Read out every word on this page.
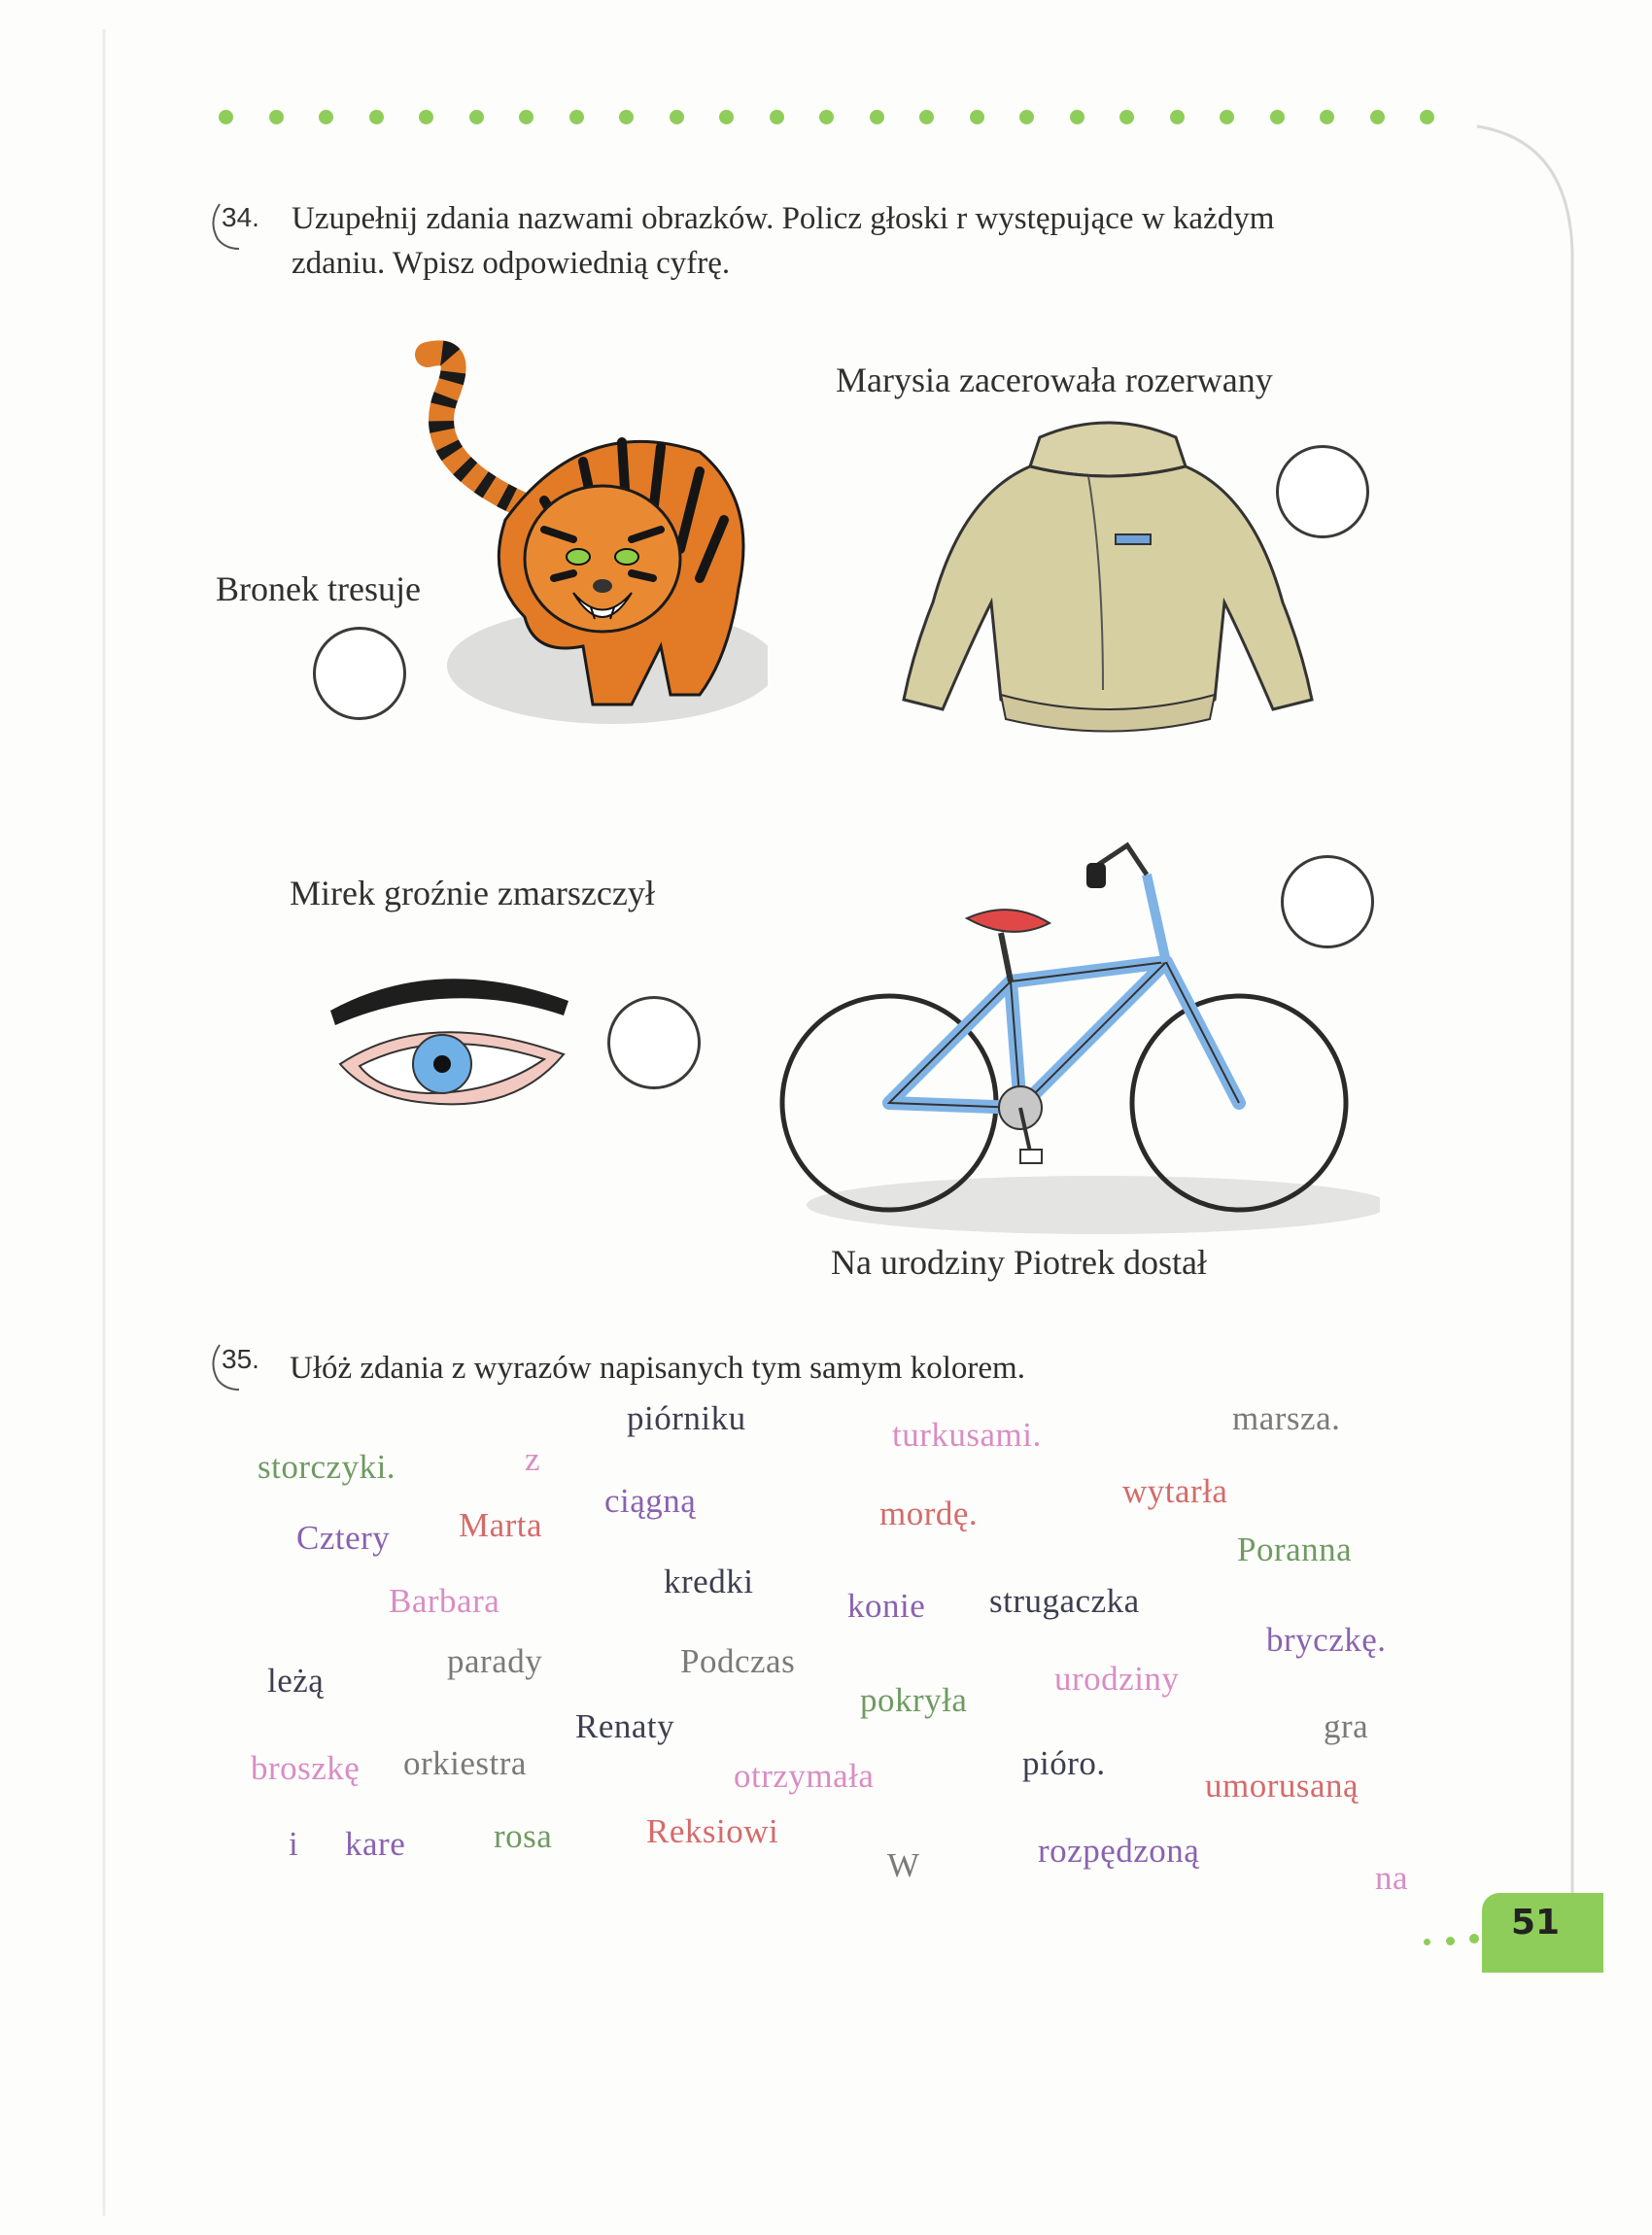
34. Uzupełnij zdania nazwami obrazków. Policz głoski r występujące w każdym
zdaniu. Wpisz odpowiednią cyfrę.
Bronek tresuje
Marysia zacerowała rozerwany
Mirek groźnie zmarszczył
Na urodziny Piotrek dostał
35. Ułóż zdania z wyrazów napisanych tym samym kolorem.
piórniku	turkusami.	marsza.
storczyki.	z
ciągną	mordę.
wytarła
Cztery Marta
Poranna
Barbara
kredki
konie strugaczka
bryczkę.
leżą
parady	Podczas	urodziny
pokryła
Renaty	gra
broszkę orkiestra	otrzymała	pióro.
umorusaną
i kare	rosa	Reksiowi
W	rozpędzoną
na
51
